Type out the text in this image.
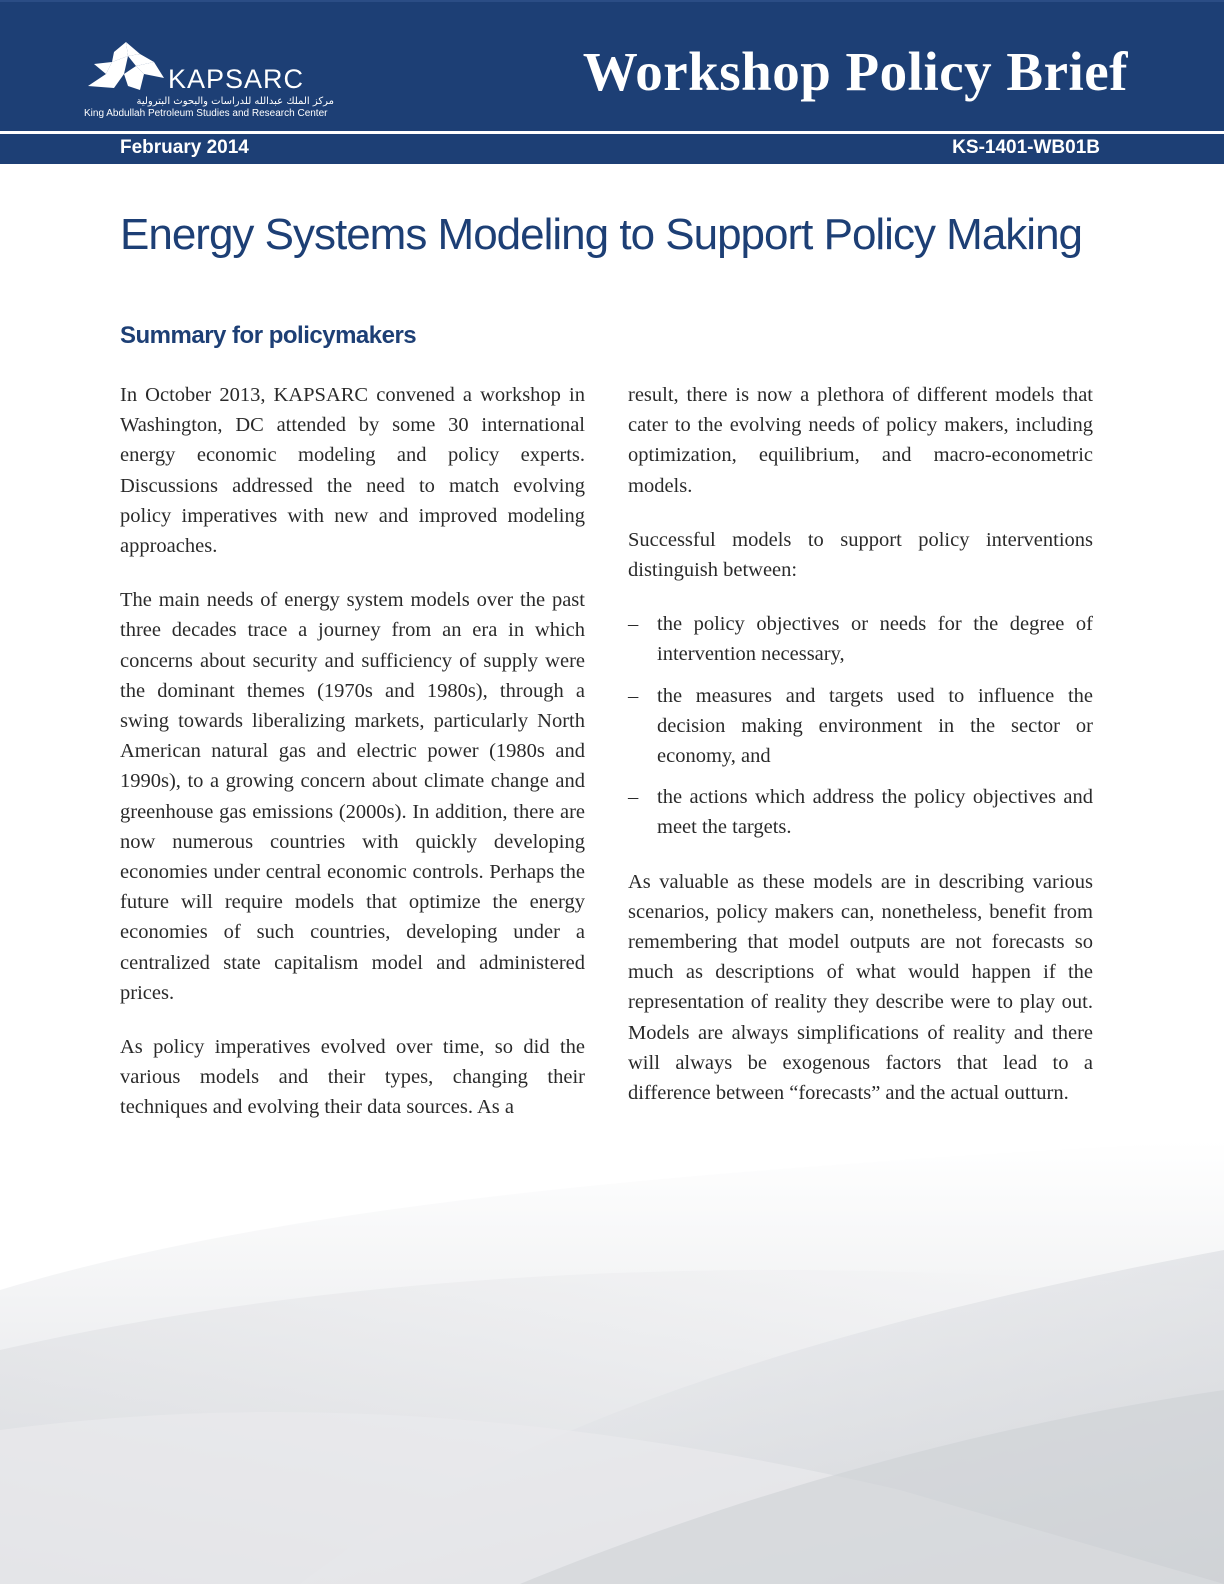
KAPSARC
مركز الملك عبدالله للدراسات والبحوث البترولية
King Abdullah Petroleum Studies and Research Center
Workshop Policy Brief
February 2014	KS-1401-WB01B
Energy Systems Modeling to Support Policy Making
Summary for policymakers

In October 2013, KAPSARC convened a workshop in Washington, DC attended by some 30 international energy economic modeling and policy experts. Discussions addressed the need to match evolving policy imperatives with new and improved modeling approaches.

The main needs of energy system models over the past three decades trace a journey from an era in which concerns about security and sufficiency of supply were the dominant themes (1970s and 1980s), through a swing towards liberalizing markets, particularly North American natural gas and electric power (1980s and 1990s), to a growing concern about climate change and greenhouse gas emissions (2000s). In addition, there are now numerous countries with quickly developing economies under central economic controls. Perhaps the future will require models that optimize the energy economies of such countries, developing under a centralized state capitalism model and administered prices.

As policy imperatives evolved over time, so did the various models and their types, changing their techniques and evolving their data sources. As a

result, there is now a plethora of different models that cater to the evolving needs of policy makers, including optimization, equilibrium, and macro-econometric models.

Successful models to support policy interventions distinguish between:

– the policy objectives or needs for the degree of intervention necessary,
– the measures and targets used to influence the decision making environment in the sector or economy, and
– the actions which address the policy objectives and meet the targets.

As valuable as these models are in describing various scenarios, policy makers can, nonetheless, benefit from remembering that model outputs are not forecasts so much as descriptions of what would happen if the representation of reality they describe were to play out. Models are always simplifications of reality and there will always be exogenous factors that lead to a difference between “forecasts” and the actual outturn.
